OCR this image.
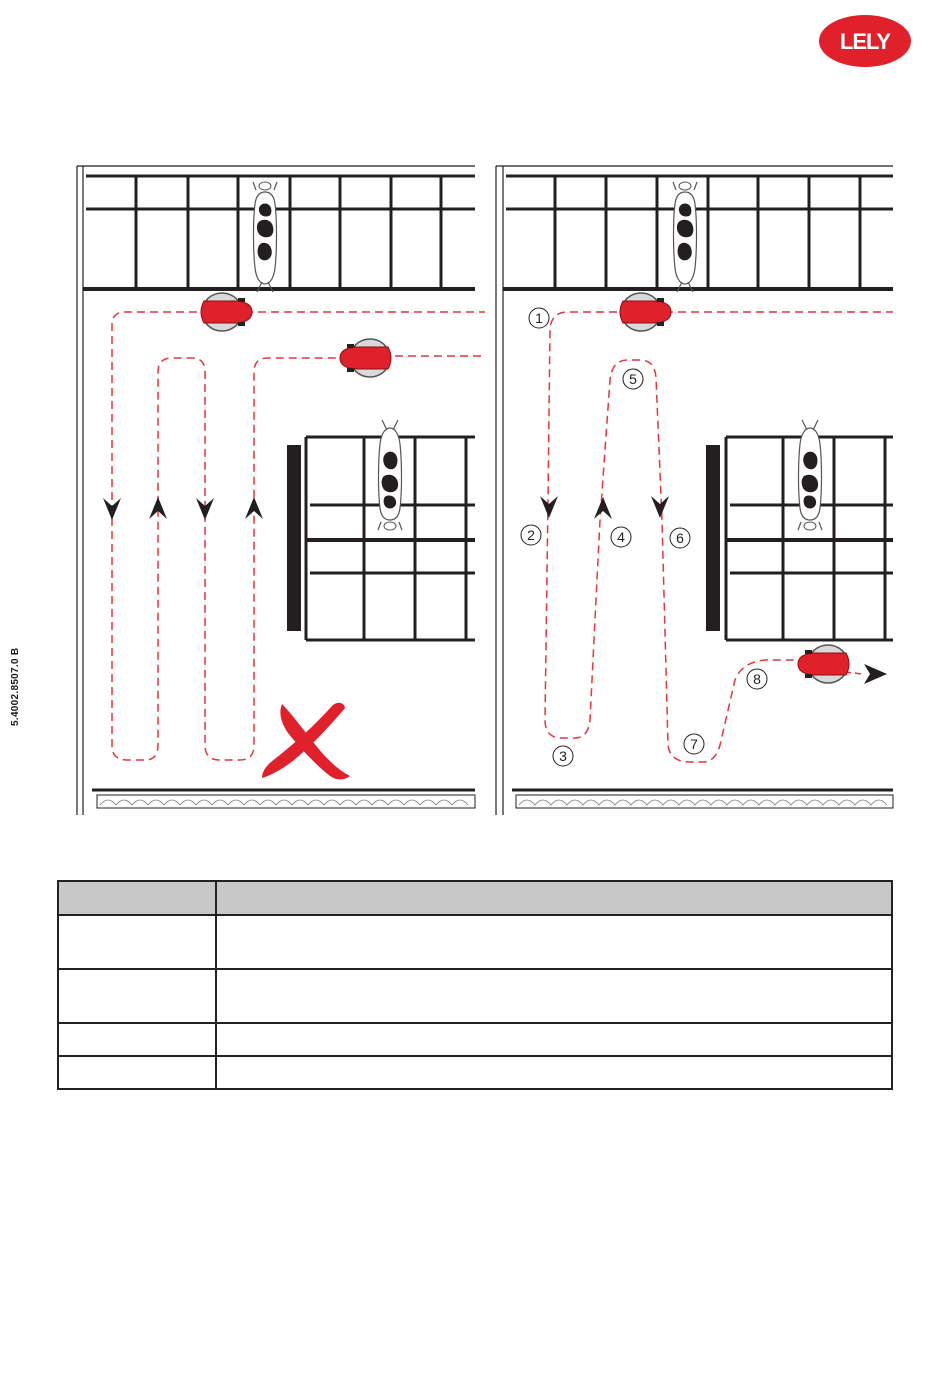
LELY
5.4002.8507.0 B
1
2
3
4
5
6
7
8
